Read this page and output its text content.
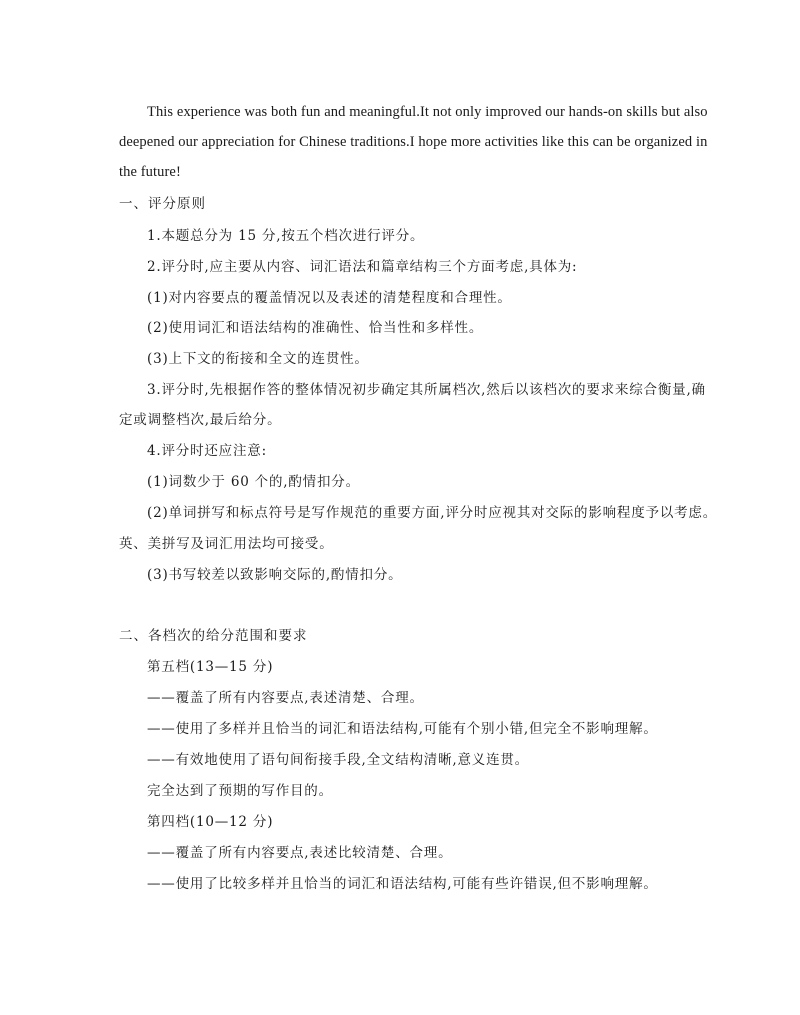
This experience was both fun and meaningful.It not only improved our hands-on skills but also
deepened our appreciation for Chinese traditions.I hope more activities like this can be organized in
the future!
一、评分原则
1.本题总分为 15 分,按五个档次进行评分。
2.评分时,应主要从内容、词汇语法和篇章结构三个方面考虑,具体为:
(1)对内容要点的覆盖情况以及表述的清楚程度和合理性。
(2)使用词汇和语法结构的准确性、恰当性和多样性。
(3)上下文的衔接和全文的连贯性。
3.评分时,先根据作答的整体情况初步确定其所属档次,然后以该档次的要求来综合衡量,确
定或调整档次,最后给分。
4.评分时还应注意:
(1)词数少于 60 个的,酌情扣分。
(2)单词拼写和标点符号是写作规范的重要方面,评分时应视其对交际的影响程度予以考虑。
英、美拼写及词汇用法均可接受。
(3)书写较差以致影响交际的,酌情扣分。
二、各档次的给分范围和要求
第五档(13—15 分)
——覆盖了所有内容要点,表述清楚、合理。
——使用了多样并且恰当的词汇和语法结构,可能有个别小错,但完全不影响理解。
——有效地使用了语句间衔接手段,全文结构清晰,意义连贯。
完全达到了预期的写作目的。
第四档(10—12 分)
——覆盖了所有内容要点,表述比较清楚、合理。
——使用了比较多样并且恰当的词汇和语法结构,可能有些许错误,但不影响理解。
